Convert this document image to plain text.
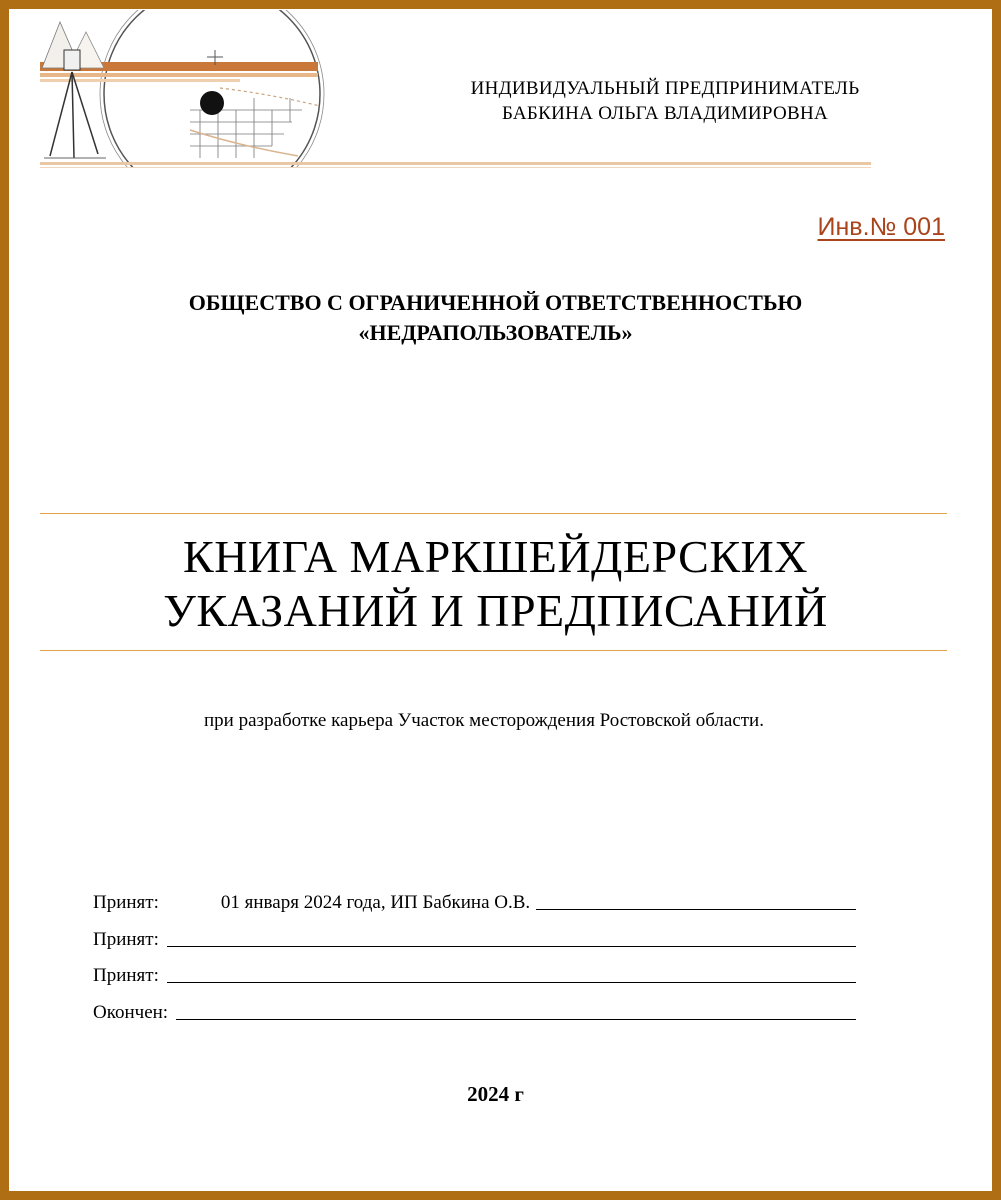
ИНДИВИДУАЛЬНЫЙ ПРЕДПРИНИМАТЕЛЬ
БАБКИНА ОЛЬГА ВЛАДИМИРОВНА
Инв.№ 001
ОБЩЕСТВО С ОГРАНИЧЕННОЙ ОТВЕТСТВЕННОСТЬЮ
«НЕДРАПОЛЬЗОВАТЕЛЬ»
КНИГА МАРКШЕЙДЕРСКИХ
УКАЗАНИЙ И ПРЕДПИСАНИЙ
при разработке карьера Участок месторождения Ростовской области.
Принят:	01 января 2024 года, ИП Бабкина О.В.
Принят:
Принят:
Окончен:
2024 г
